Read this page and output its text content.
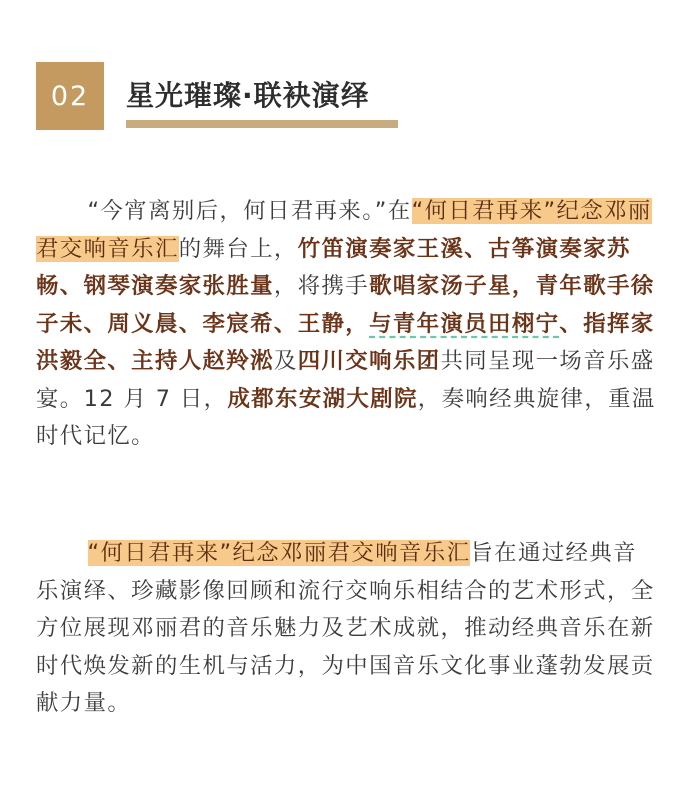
02	星光璀璨·联袂演绎

“今宵离别后，何日君再来。”在“何日君再来”纪念邓丽君交响音乐汇的舞台上，竹笛演奏家王溪、古筝演奏家苏畅、钢琴演奏家张胜量，将携手歌唱家汤子星，青年歌手徐子未、周义晨、李宸希、王静，与青年演员田栩宁、指挥家洪毅全、主持人赵羚淞及四川交响乐团共同呈现一场音乐盛宴。12 月 7 日，成都东安湖大剧院，奏响经典旋律，重温时代记忆。

“何日君再来”纪念邓丽君交响音乐汇旨在通过经典音乐演绎、珍藏影像回顾和流行交响乐相结合的艺术形式，全方位展现邓丽君的音乐魅力及艺术成就，推动经典音乐在新时代焕发新的生机与活力，为中国音乐文化事业蓬勃发展贡献力量。
